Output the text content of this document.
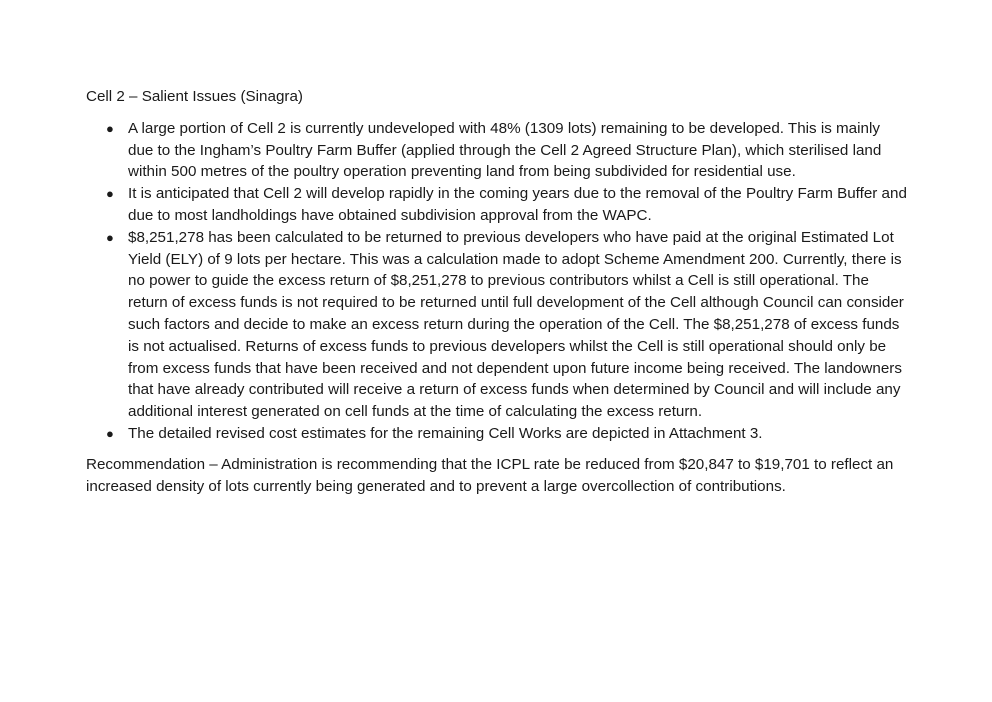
Cell 2 – Salient Issues (Sinagra)

● A large portion of Cell 2 is currently undeveloped with 48% (1309 lots) remaining to be developed. This is mainly due to the Ingham’s Poultry Farm Buffer (applied through the Cell 2 Agreed Structure Plan), which sterilised land within 500 metres of the poultry operation preventing land from being subdivided for residential use.
● It is anticipated that Cell 2 will develop rapidly in the coming years due to the removal of the Poultry Farm Buffer and due to most landholdings have obtained subdivision approval from the WAPC.
● $8,251,278 has been calculated to be returned to previous developers who have paid at the original Estimated Lot Yield (ELY) of 9 lots per hectare. This was a calculation made to adopt Scheme Amendment 200. Currently, there is no power to guide the excess return of $8,251,278 to previous contributors whilst a Cell is still operational. The return of excess funds is not required to be returned until full development of the Cell although Council can consider such factors and decide to make an excess return during the operation of the Cell. The $8,251,278 of excess funds is not actualised. Returns of excess funds to previous developers whilst the Cell is still operational should only be from excess funds that have been received and not dependent upon future income being received. The landowners that have already contributed will receive a return of excess funds when determined by Council and will include any additional interest generated on cell funds at the time of calculating the excess return.
● The detailed revised cost estimates for the remaining Cell Works are depicted in Attachment 3.

Recommendation – Administration is recommending that the ICPL rate be reduced from $20,847 to $19,701 to reflect an increased density of lots currently being generated and to prevent a large overcollection of contributions.
